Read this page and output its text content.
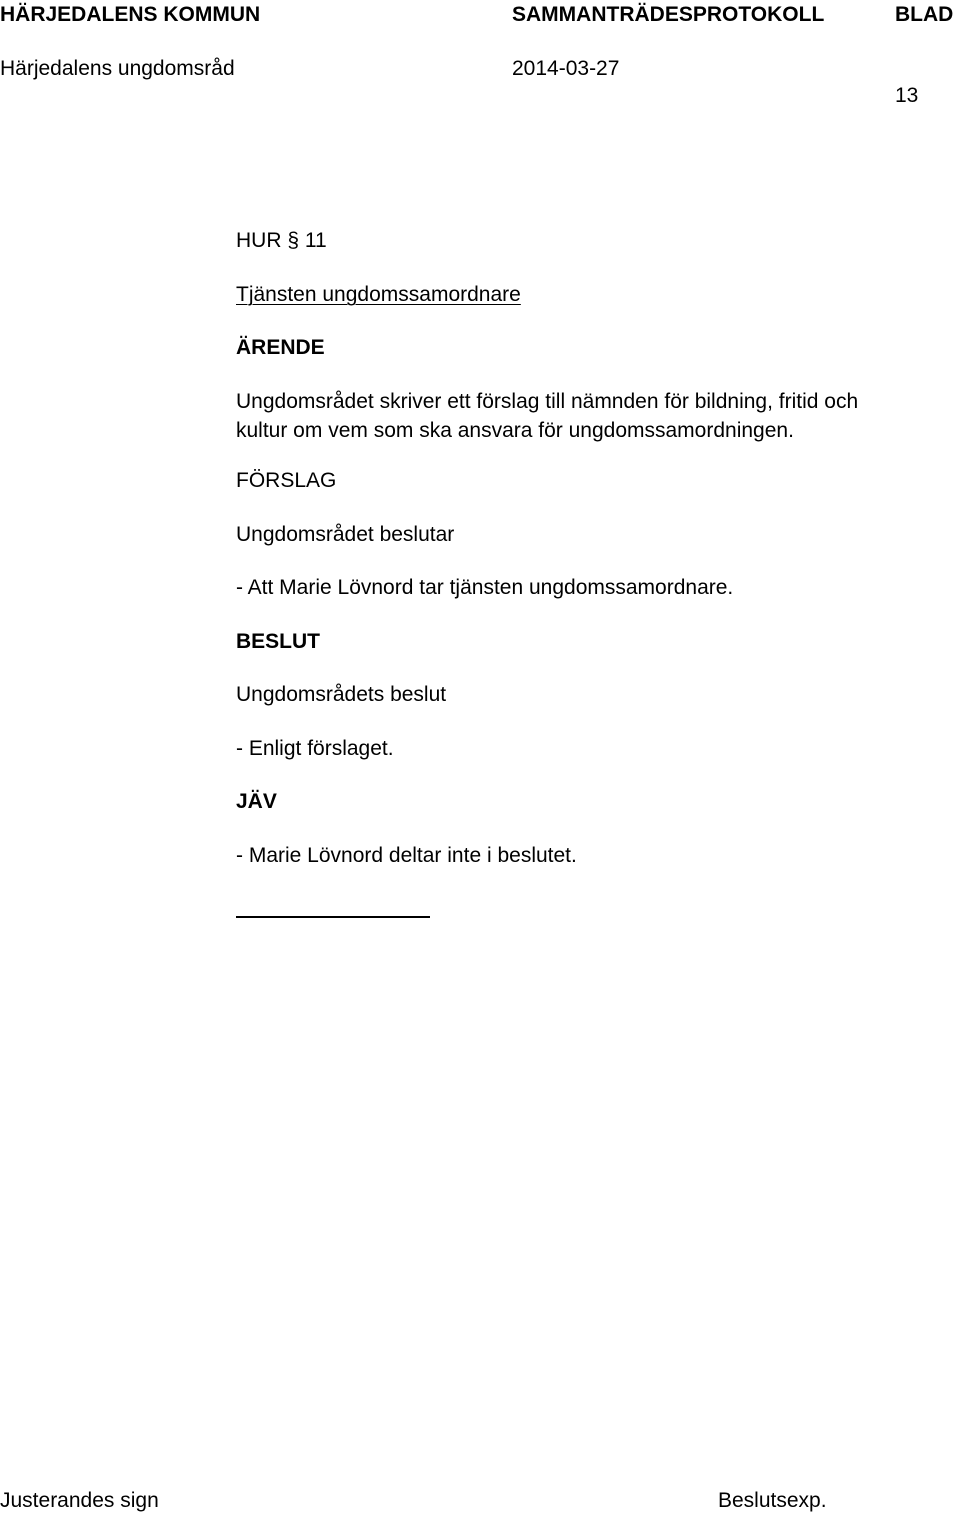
HÄRJEDALENS KOMMUN	SAMMANTRÄDESPROTOKOLL	BLAD
Härjedalens ungdomsråd	2014-03-27
13
HUR § 11
Tjänsten ungdomssamordnare
ÄRENDE
Ungdomsrådet skriver ett förslag till nämnden för bildning, fritid och
kultur om vem som ska ansvara för ungdomssamordningen.
FÖRSLAG
Ungdomsrådet beslutar
- Att Marie Lövnord tar tjänsten ungdomssamordnare.
BESLUT
Ungdomsrådets beslut
- Enligt förslaget.
JÄV
- Marie Lövnord deltar inte i beslutet.
Justerandes sign	Beslutsexp.
